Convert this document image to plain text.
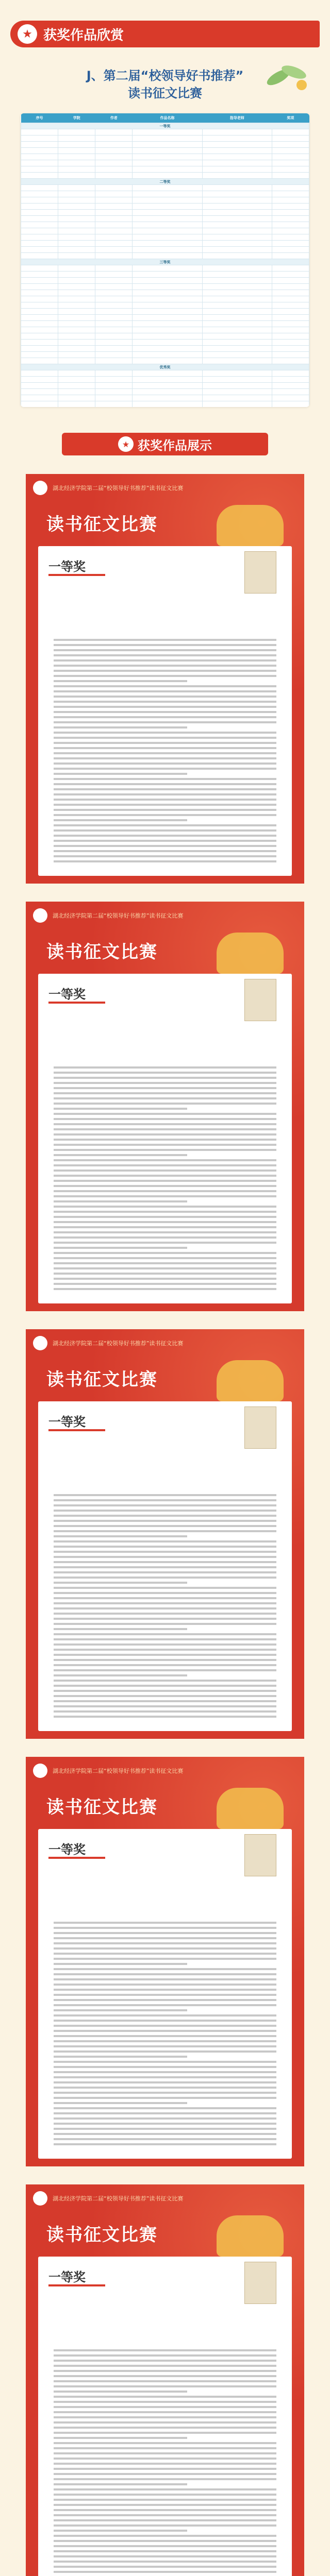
★ 获奖作品欣赏
J、第二届“校领导好书推荐”
读书征文比赛
序号	学院	作者	作品名称	指导老师	奖项
一等奖					

二等奖					

三等奖					

优秀奖					

★ 获奖作品展示
湖北经济学院第二届“校领导好书推荐”读书征文比赛
读书征文比赛
一等奖
湖北经济学院第二届“校领导好书推荐”读书征文比赛
读书征文比赛
一等奖
湖北经济学院第二届“校领导好书推荐”读书征文比赛
读书征文比赛
一等奖
湖北经济学院第二届“校领导好书推荐”读书征文比赛
读书征文比赛
一等奖
湖北经济学院第二届“校领导好书推荐”读书征文比赛
读书征文比赛
一等奖
